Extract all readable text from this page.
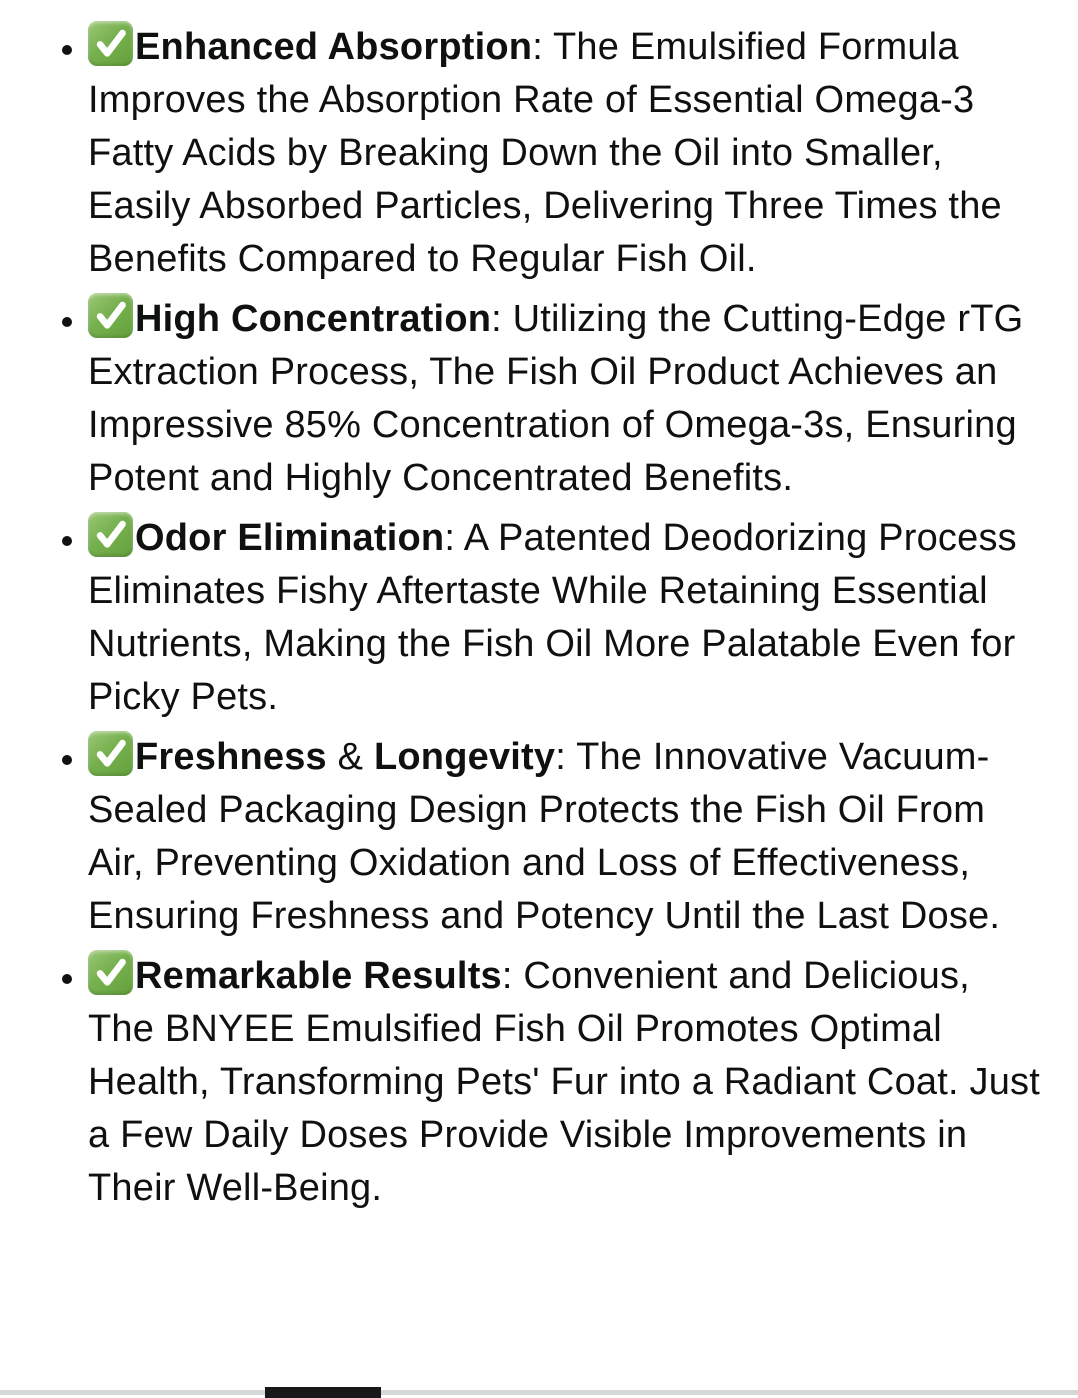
• Enhanced Absorption: The Emulsified Formula Improves the Absorption Rate of Essential Omega-3 Fatty Acids by Breaking Down the Oil into Smaller, Easily Absorbed Particles, Delivering Three Times the Benefits Compared to Regular Fish Oil.
• High Concentration: Utilizing the Cutting-Edge rTG Extraction Process, The Fish Oil Product Achieves an Impressive 85% Concentration of Omega-3s, Ensuring Potent and Highly Concentrated Benefits.
• Odor Elimination: A Patented Deodorizing Process Eliminates Fishy Aftertaste While Retaining Essential Nutrients, Making the Fish Oil More Palatable Even for Picky Pets.
• Freshness & Longevity: The Innovative Vacuum-Sealed Packaging Design Protects the Fish Oil From Air, Preventing Oxidation and Loss of Effectiveness, Ensuring Freshness and Potency Until the Last Dose.
• Remarkable Results: Convenient and Delicious, The BNYEE Emulsified Fish Oil Promotes Optimal Health, Transforming Pets' Fur into a Radiant Coat. Just a Few Daily Doses Provide Visible Improvements in Their Well-Being.
